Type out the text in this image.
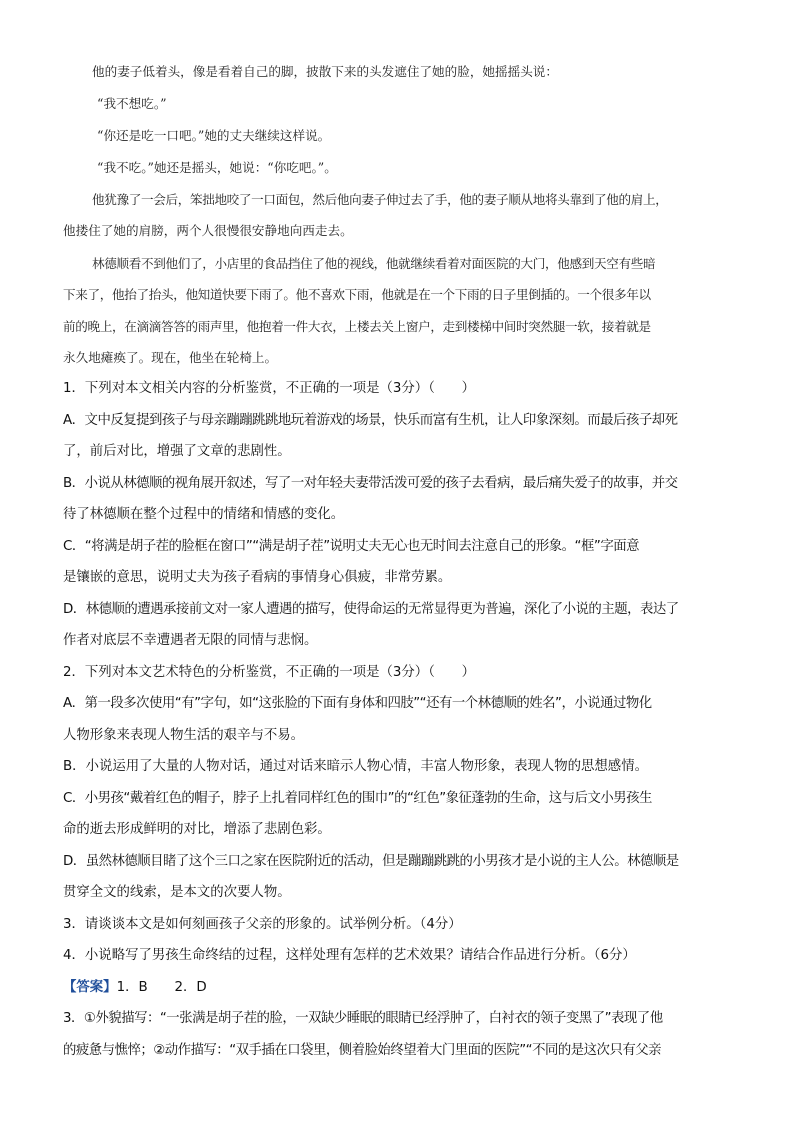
他的妻子低着头，像是看着自己的脚，披散下来的头发遮住了她的脸，她摇摇头说：
“我不想吃。”
“你还是吃一口吧。”她的丈夫继续这样说。
“我不吃。”她还是摇头，她说：“你吃吧。”。
他犹豫了一会后，笨拙地咬了一口面包，然后他向妻子伸过去了手，他的妻子顺从地将头靠到了他的肩上，
他搂住了她的肩膀，两个人很慢很安静地向西走去。
林德顺看不到他们了，小店里的食品挡住了他的视线，他就继续看着对面医院的大门，他感到天空有些暗
下来了，他抬了抬头，他知道快要下雨了。他不喜欢下雨，他就是在一个下雨的日子里倒插的。一个很多年以
前的晚上，在滴滴答答的雨声里，他抱着一件大衣，上楼去关上窗户，走到楼梯中间时突然腿一软，接着就是
永久地瘫痪了。现在，他坐在轮椅上。
1．下列对本文相关内容的分析鉴赏，不正确的一项是（3分）（　　）
A．文中反复提到孩子与母亲蹦蹦跳跳地玩着游戏的场景，快乐而富有生机，让人印象深刻。而最后孩子却死
了，前后对比，增强了文章的悲剧性。
B．小说从林德顺的视角展开叙述，写了一对年轻夫妻带活泼可爱的孩子去看病，最后痛失爱子的故事，并交
待了林德顺在整个过程中的情绪和情感的变化。
C．“将满是胡子茬的脸框在窗口”“满是胡子茬”说明丈夫无心也无时间去注意自己的形象。“框”字面意
是镶嵌的意思，说明丈夫为孩子看病的事情身心俱疲，非常劳累。
D．林德顺的遭遇承接前文对一家人遭遇的描写，使得命运的无常显得更为普遍，深化了小说的主题，表达了
作者对底层不幸遭遇者无限的同情与悲悯。
2．下列对本文艺术特色的分析鉴赏，不正确的一项是（3分）（　　）
A．第一段多次使用“有”字句，如“这张脸的下面有身体和四肢”“还有一个林德顺的姓名”，小说通过物化
人物形象来表现人物生活的艰辛与不易。
B．小说运用了大量的人物对话，通过对话来暗示人物心情，丰富人物形象，表现人物的思想感情。
C．小男孩“戴着红色的帽子，脖子上扎着同样红色的围巾”的“红色”象征蓬勃的生命，这与后文小男孩生
命的逝去形成鲜明的对比，增添了悲剧色彩。
D．虽然林德顺目睹了这个三口之家在医院附近的活动，但是蹦蹦跳跳的小男孩才是小说的主人公。林德顺是
贯穿全文的线索，是本文的次要人物。
3．请谈谈本文是如何刻画孩子父亲的形象的。试举例分析。（4分）
4．小说略写了男孩生命终结的过程，这样处理有怎样的艺术效果？请结合作品进行分析。（6分）
【答案】1．B　　2．D
3．①外貌描写：“一张满是胡子茬的脸，一双缺少睡眠的眼睛已经浮肿了，白衬衣的领子变黑了”表现了他
的疲惫与憔悴；②动作描写：“双手插在口袋里，侧着脸始终望着大门里面的医院”“不同的是这次只有父亲
